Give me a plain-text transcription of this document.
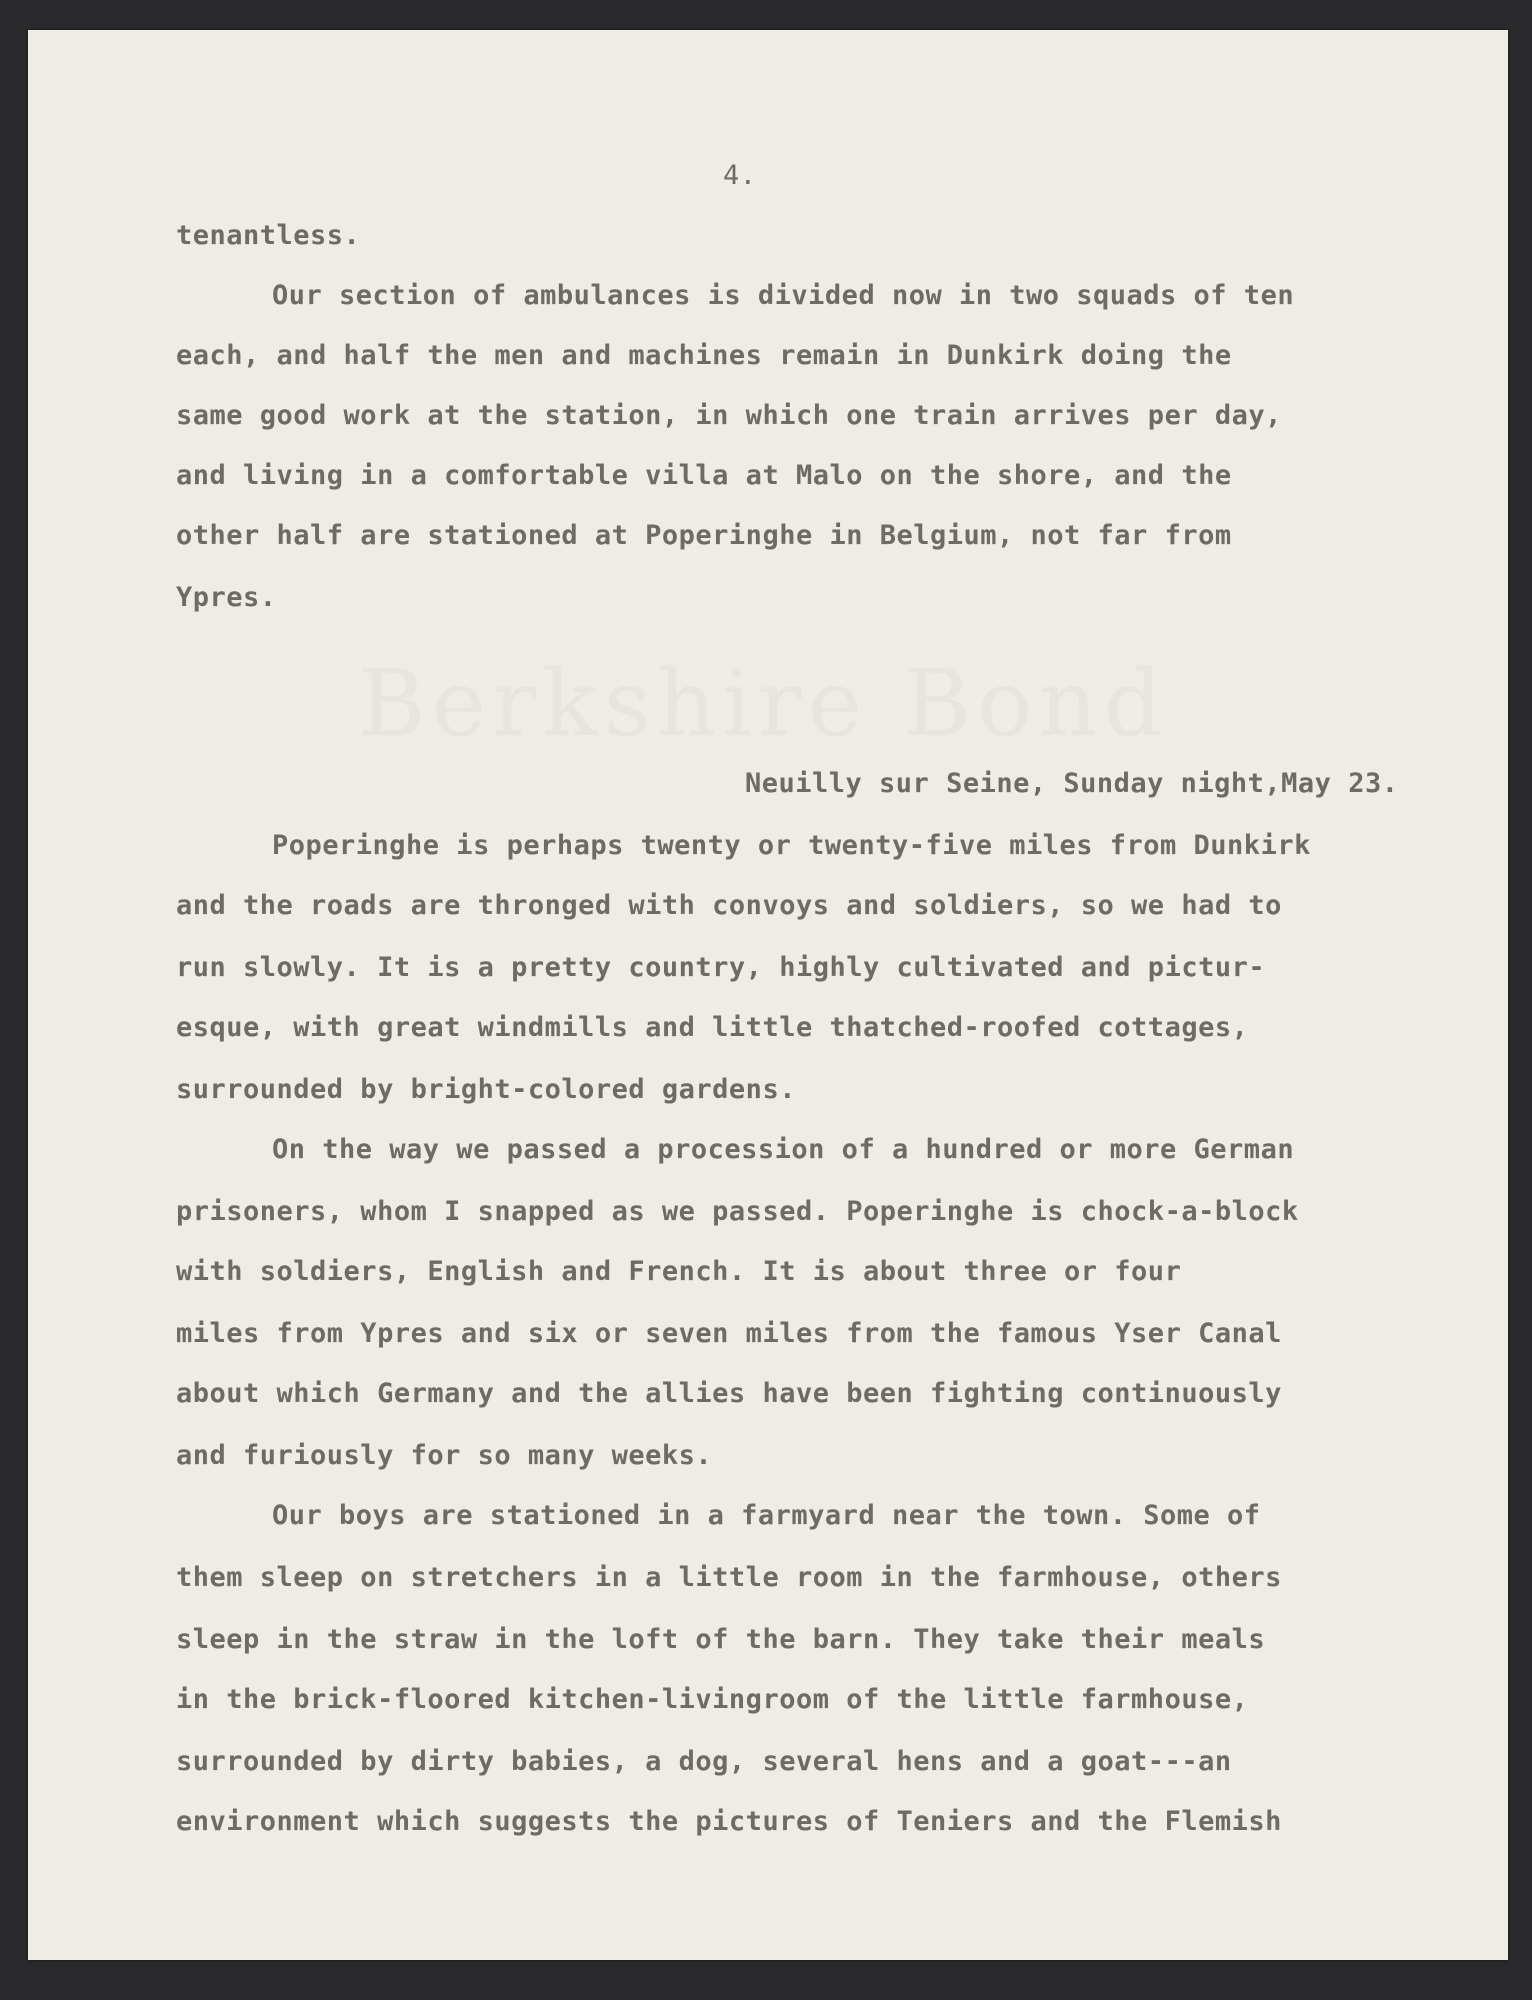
Berkshire Bond
4.
tenantless.
Our section of ambulances is divided now in two squads of ten
each, and half the men and machines remain in Dunkirk doing the
same good work at the station, in which one train arrives per day,
and living in a comfortable villa at Malo on the shore, and the
other half are stationed at Poperinghe in Belgium, not far from
Ypres.
Neuilly sur Seine, Sunday night,May 23.
Poperinghe is perhaps twenty or twenty-five miles from Dunkirk
and the roads are thronged with convoys and soldiers, so we had to
run slowly. It is a pretty country, highly cultivated and pictur-
esque, with great windmills and little thatched-roofed cottages,
surrounded by bright-colored gardens.
On the way we passed a procession of a hundred or more German
prisoners, whom I snapped as we passed. Poperinghe is chock-a-block
with soldiers, English and French. It is about three or four
miles from Ypres and six or seven miles from the famous Yser Canal
about which Germany and the allies have been fighting continuously
and furiously for so many weeks.
Our boys are stationed in a farmyard near the town. Some of
them sleep on stretchers in a little room in the farmhouse, others
sleep in the straw in the loft of the barn. They take their meals
in the brick-floored kitchen-livingroom of the little farmhouse,
surrounded by dirty babies, a dog, several hens and a goat---an
environment which suggests the pictures of Teniers and the Flemish
